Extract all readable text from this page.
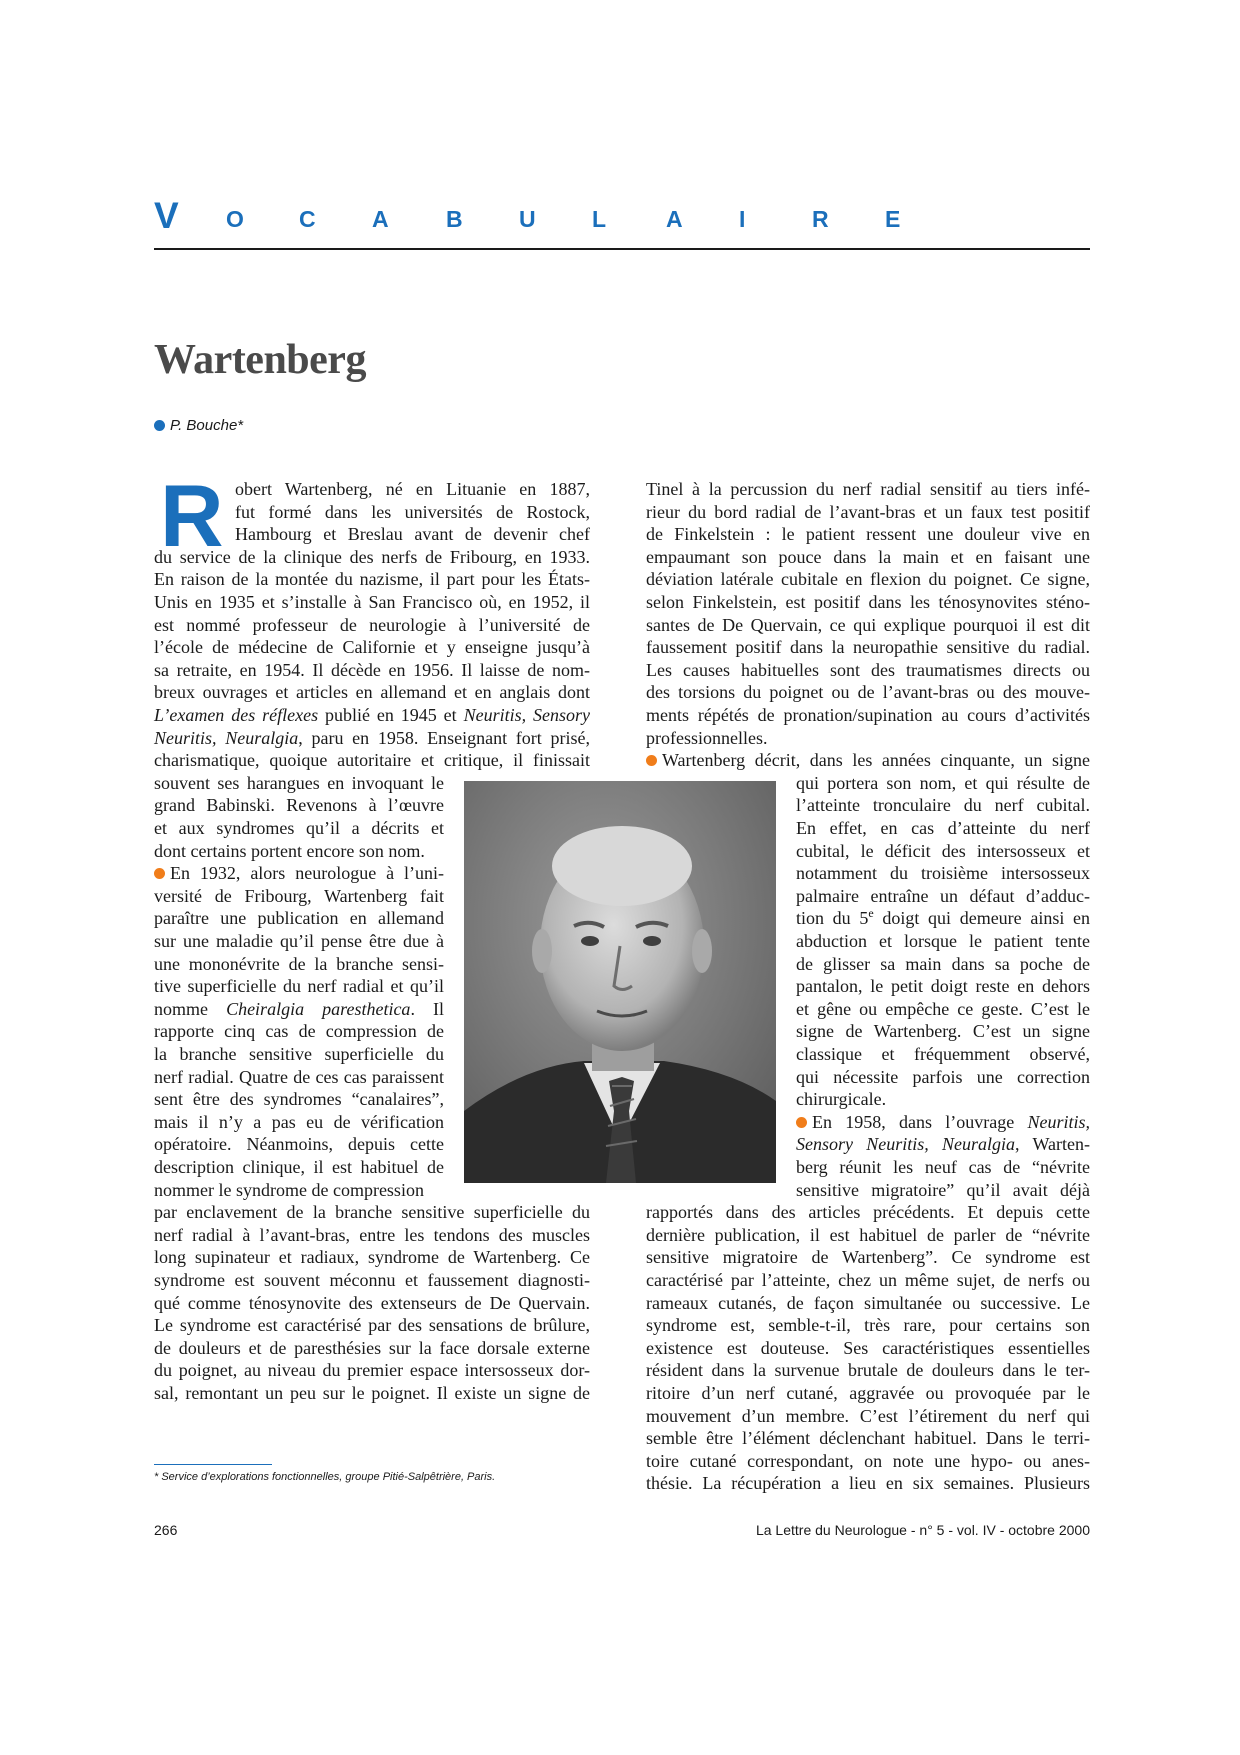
V O C A B U L	A I	R E
Wartenberg
P. Bouche*
R obert Wartenberg, né en Lituanie en 1887,
fut formé dans les universités de Rostock,
Hambourg et Breslau avant de devenir chef
du service de la clinique des nerfs de Fribourg, en 1933.
En raison de la montée du nazisme, il part pour les États-
Unis en 1935 et s’installe à San Francisco où, en 1952, il
est nommé professeur de neurologie à l’université de
l’école de médecine de Californie et y enseigne jusqu’à
sa retraite, en 1954. Il décède en 1956. Il laisse de nom-
breux ouvrages et articles en allemand et en anglais dont
L’examen des réflexes publié en 1945 et Neuritis, Sensory
Neuritis, Neuralgia, paru en 1958. Enseignant fort prisé,
charismatique, quoique autoritaire et critique, il finissait
souvent ses harangues en invoquant le
grand Babinski. Revenons à l’œuvre
et aux syndromes qu’il a décrits et
dont certains portent encore son nom.
En 1932, alors neurologue à l’uni-
versité de Fribourg, Wartenberg fait
paraître une publication en allemand
sur une maladie qu’il pense être due à
une mononévrite de la branche sensi-
tive superficielle du nerf radial et qu’il
nomme Cheiralgia paresthetica. Il
rapporte cinq cas de compression de
la branche sensitive superficielle du
nerf radial. Quatre de ces cas paraissent
sent être des syndromes “canalaires”,
mais il n’y a pas eu de vérification
opératoire. Néanmoins, depuis cette
description clinique, il est habituel de
nommer le syndrome de compression
par enclavement de la branche sensitive superficielle du
nerf radial à l’avant-bras, entre les tendons des muscles
long supinateur et radiaux, syndrome de Wartenberg. Ce
syndrome est souvent méconnu et faussement diagnosti-
qué comme ténosynovite des extenseurs de De Quervain.
Le syndrome est caractérisé par des sensations de brûlure,
de douleurs et de paresthésies sur la face dorsale externe
du poignet, au niveau du premier espace intersosseux dor-
sal, remontant un peu sur le poignet. Il existe un signe de
Tinel à la percussion du nerf radial sensitif au tiers infé-
rieur du bord radial de l’avant-bras et un faux test positif
de Finkelstein : le patient ressent une douleur vive en
empaumant son pouce dans la main et en faisant une
déviation latérale cubitale en flexion du poignet. Ce signe,
selon Finkelstein, est positif dans les ténosynovites sténo-
santes de De Quervain, ce qui explique pourquoi il est dit
faussement positif dans la neuropathie sensitive du radial.
Les causes habituelles sont des traumatismes directs ou
des torsions du poignet ou de l’avant-bras ou des mouve-
ments répétés de pronation/supination au cours d’activités
professionnelles.
Wartenberg décrit, dans les années cinquante, un signe
qui portera son nom, et qui résulte de
l’atteinte tronculaire du nerf cubital.
En effet, en cas d’atteinte du nerf
cubital, le déficit des intersosseux et
notamment du troisième intersosseux
palmaire entraîne un défaut d’adduc-
tion du 5e doigt qui demeure ainsi en
abduction et lorsque le patient tente
de glisser sa main dans sa poche de
pantalon, le petit doigt reste en dehors
et gêne ou empêche ce geste. C’est le
signe de Wartenberg. C’est un signe
classique et fréquemment observé,
qui nécessite parfois une correction
chirurgicale.
En 1958, dans l’ouvrage Neuritis,
Sensory Neuritis, Neuralgia, Warten-
berg réunit les neuf cas de “névrite
sensitive migratoire” qu’il avait déjà
rapportés dans des articles précédents. Et depuis cette
dernière publication, il est habituel de parler de “névrite
sensitive migratoire de Wartenberg”. Ce syndrome est
caractérisé par l’atteinte, chez un même sujet, de nerfs ou
rameaux cutanés, de façon simultanée ou successive. Le
syndrome est, semble-t-il, très rare, pour certains son
existence est douteuse. Ses caractéristiques essentielles
résident dans la survenue brutale de douleurs dans le ter-
ritoire d’un nerf cutané, aggravée ou provoquée par le
mouvement d’un membre. C’est l’étirement du nerf qui
semble être l’élément déclenchant habituel. Dans le terri-
toire cutané correspondant, on note une hypo- ou anes-
thésie. La récupération a lieu en six semaines. Plusieurs
* Service d’explorations fonctionnelles, groupe Pitié-Salpêtrière, Paris.
266	La Lettre du Neurologue - n° 5 - vol. IV - octobre 2000
